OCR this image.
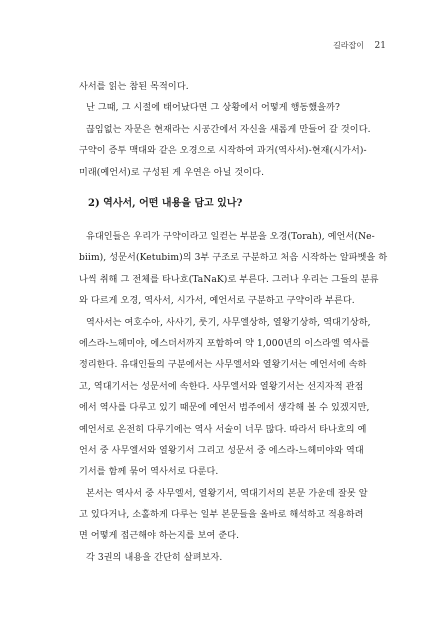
길라잡이 21
사서를 읽는 참된 목적이다.
난 그때, 그 시절에 태어났다면 그 상황에서 어떻게 행동했을까?
끊임없는 자문은 현재라는 시공간에서 자신을 새롭게 만들어 갈 것이다.
구약이 증투 맥대와 같은 오경으로 시작하여 과거(역사서)-현재(시가서)-
미래(예언서)로 구성된 게 우연은 아닐 것이다.
2) 역사서, 어떤 내용을 담고 있나?
유대인들은 우리가 구약이라고 일컫는 부분을 오경(Torah), 예언서(Ne-
biim), 성문서(Ketubim)의 3부 구조로 구분하고 처음 시작하는 알파벳을 하
나씩 취해 그 전체를 타나흐(TaNaK)로 부른다. 그러나 우리는 그들의 분류
와 다르게 오경, 역사서, 시가서, 예언서로 구분하고 구약이라 부른다.
역사서는 여호수아, 사사기, 룻기, 사무엘상하, 열왕기상하, 역대기상하,
에스라-느헤미야, 에스더서까지 포함하여 약 1,000년의 이스라엘 역사를
정리한다. 유대인들의 구분에서는 사무엘서와 열왕기서는 예언서에 속하
고, 역대기서는 성문서에 속한다. 사무엘서와 열왕기서는 선지자적 관점
에서 역사를 다루고 있기 때문에 예언서 범주에서 생각해 볼 수 있겠지만,
예언서로 온전히 다루기에는 역사 서술이 너무 많다. 따라서 타나흐의 예
언서 중 사무엘서와 열왕기서 그리고 성문서 중 에스라-느헤미야와 역대
기서를 함께 묶어 역사서로 다룬다.
본서는 역사서 중 사무엘서, 열왕기서, 역대기서의 본문 가운데 잘못 알
고 있다거나, 소홀하게 다루는 일부 본문들을 올바로 해석하고 적용하려
면 어떻게 접근해야 하는지를 보여 준다.
각 3권의 내용을 간단히 살펴보자.
